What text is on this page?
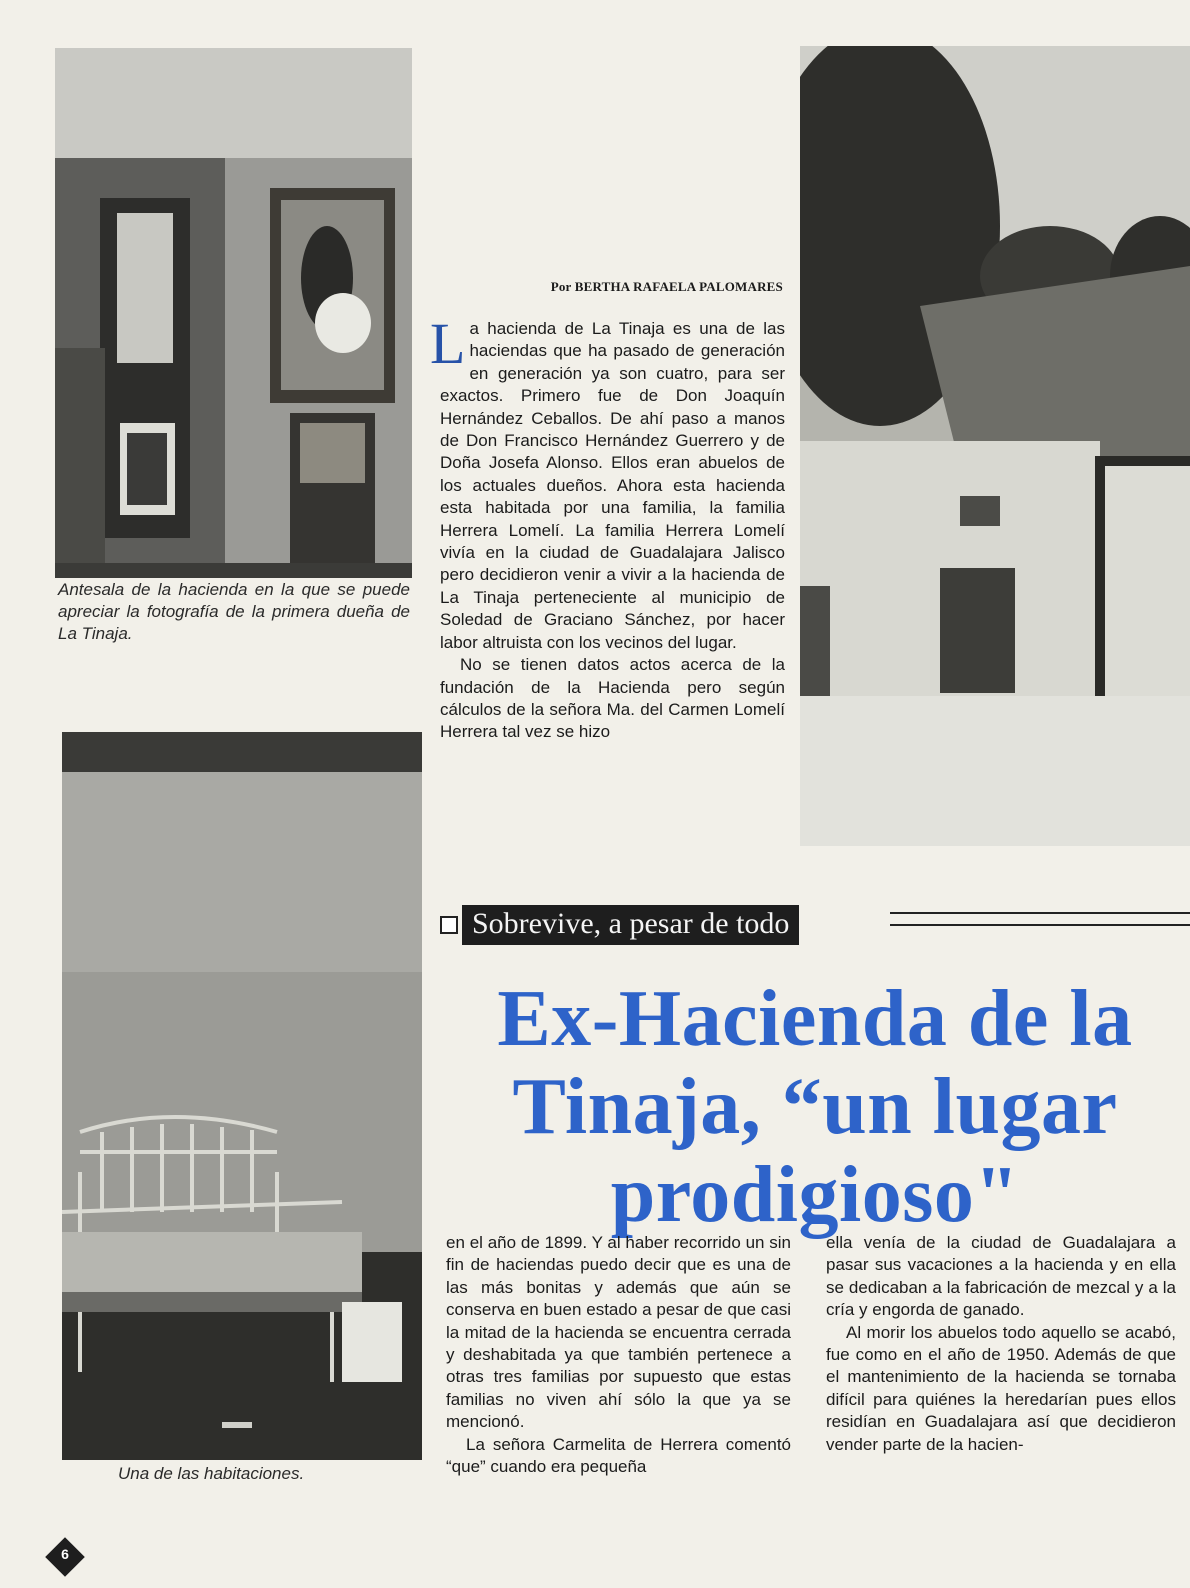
Antesala de la hacienda en la que se puede apreciar la fotografía de la primera dueña de La Tinaja.
Por BERTHA RAFAELA PALOMARES

La hacienda de La Tinaja es una de las haciendas que ha pasado de generación en generación ya son cuatro, para ser exactos. Primero fue de Don Joaquín Hernández Ceballos. De ahí paso a manos de Don Francisco Hernández Guerrero y de Doña Josefa Alonso. Ellos eran abuelos de los actuales dueños. Ahora esta hacienda esta habitada por una familia, la familia Herrera Lomelí. La familia Herrera Lomelí vivía en la ciudad de Guadalajara Jalisco pero decidieron venir a vivir a la hacienda de La Tinaja perteneciente al municipio de Soledad de Graciano Sánchez, por hacer labor altruista con los vecinos del lugar.

No se tienen datos actos acerca de la fundación de la Hacienda pero según cálculos de la señora Ma. del Carmen Lomelí Herrera tal vez se hizo

Una de las habitaciones.
Sobrevive, a pesar de todo
Ex-Hacienda de la
Tinaja, “un lugar
prodigioso"

en el año de 1899. Y al haber recorrido un sin fin de haciendas puedo decir que es una de las más bonitas y además que aún se conserva en buen estado a pesar de que casi la mitad de la hacienda se encuentra cerrada y deshabitada ya que también pertenece a otras tres familias por supuesto que estas familias no viven ahí sólo la que ya se mencionó.

La señora Carmelita de Herrera comentó “que” cuando era pequeña

ella venía de la ciudad de Guadalajara a pasar sus vacaciones a la hacienda y en ella se dedicaban a la fabricación de mezcal y a la cría y engorda de ganado.

Al morir los abuelos todo aquello se acabó, fue como en el año de 1950. Además de que el mantenimiento de la hacienda se tornaba difícil para quiénes la heredarían pues ellos residían en Guadalajara así que decidieron vender parte de la hacien-

6
